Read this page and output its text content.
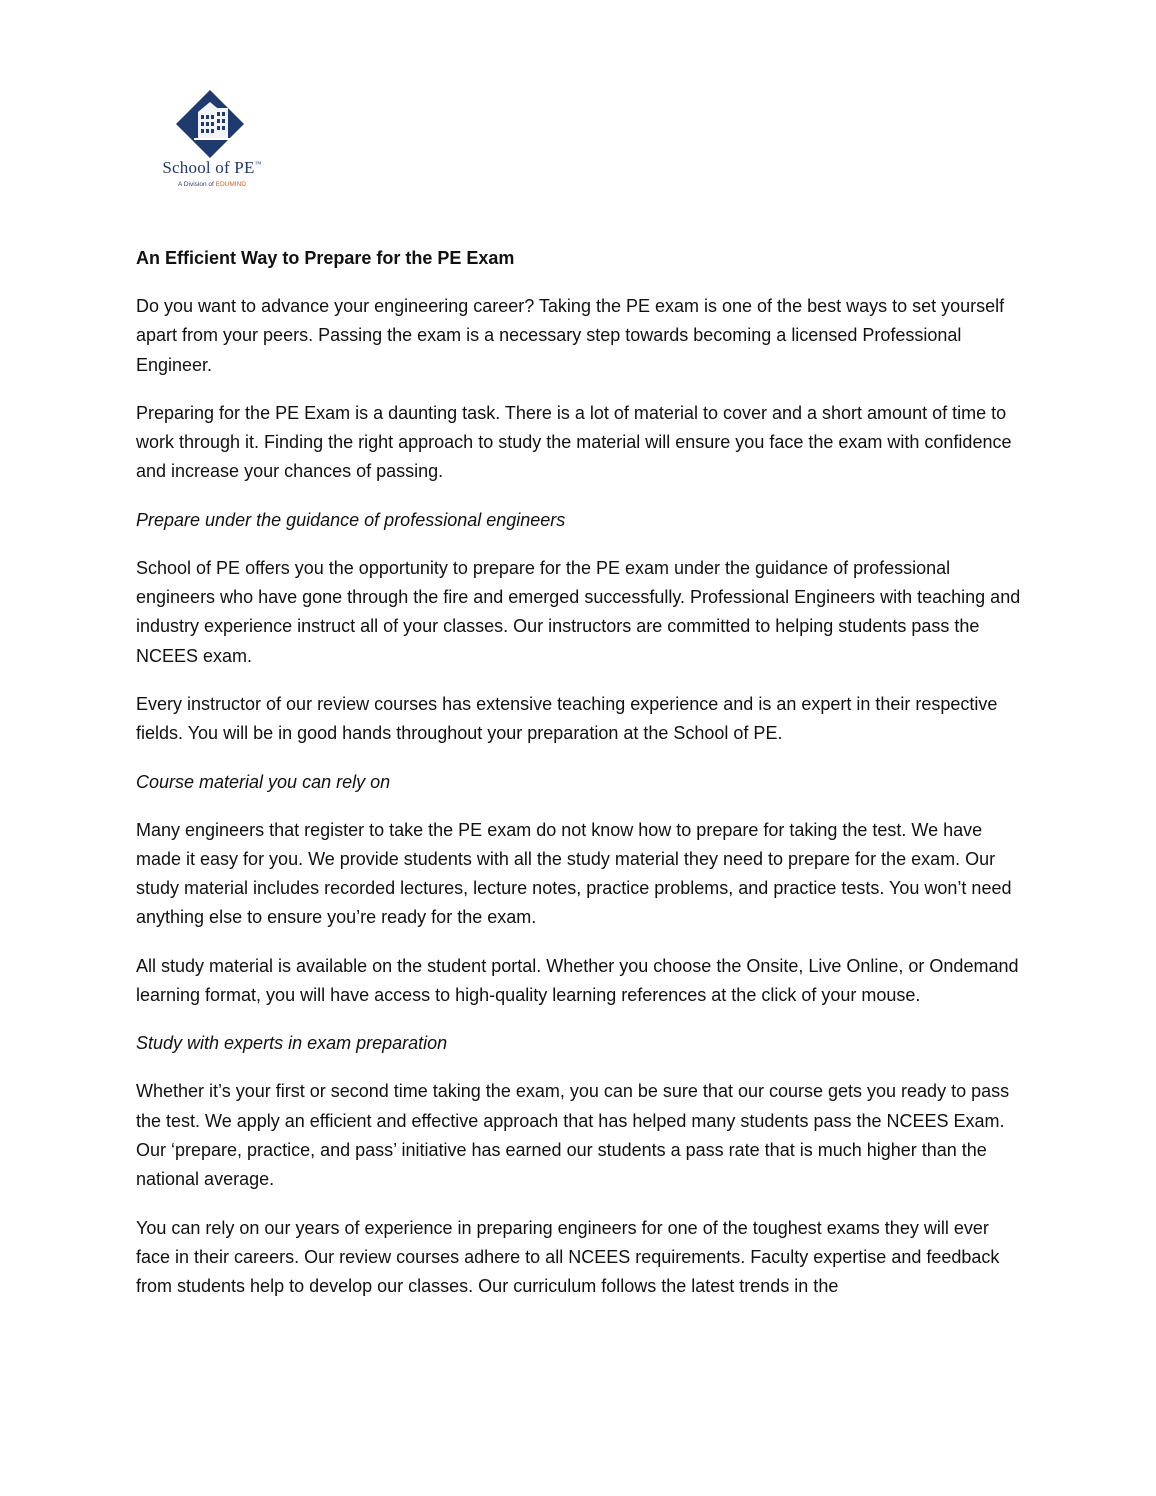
School of PE™
A Division of EDUMIND
An Efficient Way to Prepare for the PE Exam
Do you want to advance your engineering career? Taking the PE exam is one of the best ways to set yourself apart from your peers. Passing the exam is a necessary step towards becoming a licensed Professional Engineer.
Preparing for the PE Exam is a daunting task. There is a lot of material to cover and a short amount of time to work through it. Finding the right approach to study the material will ensure you face the exam with confidence and increase your chances of passing.
Prepare under the guidance of professional engineers
School of PE offers you the opportunity to prepare for the PE exam under the guidance of professional engineers who have gone through the fire and emerged successfully. Professional Engineers with teaching and industry experience instruct all of your classes. Our instructors are committed to helping students pass the NCEES exam.
Every instructor of our review courses has extensive teaching experience and is an expert in their respective fields. You will be in good hands throughout your preparation at the School of PE.
Course material you can rely on
Many engineers that register to take the PE exam do not know how to prepare for taking the test. We have made it easy for you. We provide students with all the study material they need to prepare for the exam. Our study material includes recorded lectures, lecture notes, practice problems, and practice tests. You won’t need anything else to ensure you’re ready for the exam.
All study material is available on the student portal. Whether you choose the Onsite, Live Online, or Ondemand learning format, you will have access to high-quality learning references at the click of your mouse.
Study with experts in exam preparation
Whether it’s your first or second time taking the exam, you can be sure that our course gets you ready to pass the test. We apply an efficient and effective approach that has helped many students pass the NCEES Exam. Our ‘prepare, practice, and pass’ initiative has earned our students a pass rate that is much higher than the national average.
You can rely on our years of experience in preparing engineers for one of the toughest exams they will ever face in their careers. Our review courses adhere to all NCEES requirements. Faculty expertise and feedback from students help to develop our classes. Our curriculum follows the latest trends in the
